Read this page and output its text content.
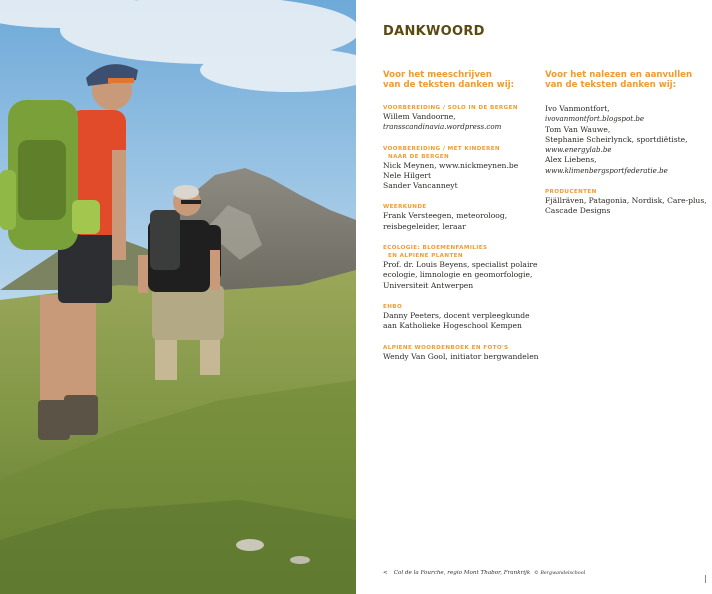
DANKWOORD
Voor het meeschrijven
van de teksten danken wij:
VOORBEREIDING / SOLO IN DE BERGEN
Willem Vandoorne,
transscandinavia.wordpress.com
VOORBEREIDING / MET KINDEREN
NAAR DE BERGEN
Nick Meynen, www.nickmeynen.be
Nele Hilgert
Sander Vancanneyt
WEERKUNDE
Frank Versteegen, meteoroloog,
reisbegeleider, leraar
ECOLOGIE: BLOEMENFAMILIES
EN ALPIENE PLANTEN
Prof. dr. Louis Beyens, specialist polaire
ecologie, limnologie en geomorfologie,
Universiteit Antwerpen
EHBO
Danny Peeters, docent verpleegkunde
aan Katholieke Hogeschool Kempen
ALPIENE WOORDENBOEK EN FOTO'S
Wendy Van Gool, initiator bergwandelen
Voor het nalezen en aanvullen
van de teksten danken wij:
Ivo Vanmontfort,
ivovanmontfort.blogspot.be
Tom Van Wauwe,
Stephanie Scheirlynck, sportdiëtiste,
www.energylab.be
Alex Liebens,
www.klimenbergsportfederatie.be
PRODUCENTEN
Fjällräven, Patagonia, Nordisk, Care-plus,
Cascade Designs
< Col de la Fourche, regio Mont Thabor, Frankrijk © Bergwandelschool
